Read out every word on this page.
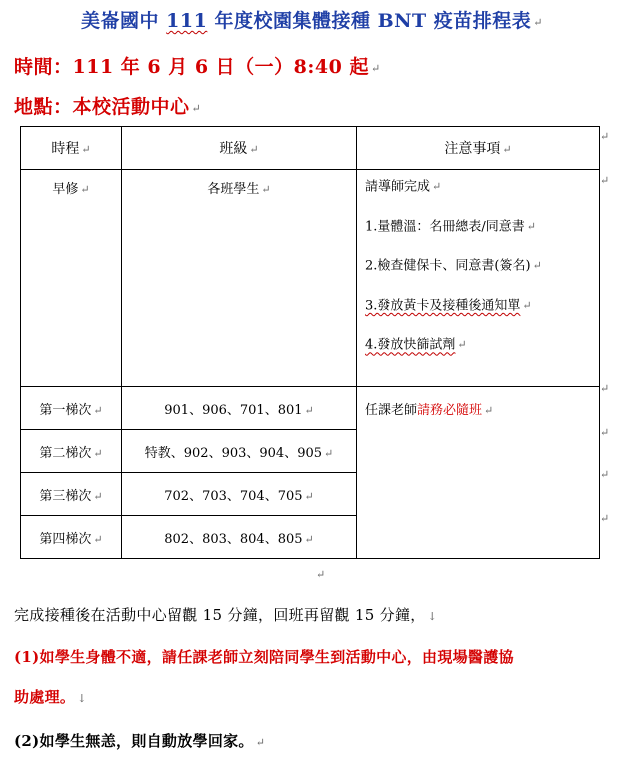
美崙國中 111 年度校園集體接種 BNT 疫苗排程表 ↵
時間：111 年 6 月 6 日（一）8:40 起 ↵
地點：本校活動中心 ↵
時程 ↵	班級 ↵	注意事項 ↵
早修 ↵	各班學生 ↵	請導師完成 ↵
1.量體溫：名冊總表/同意書 ↵
2.檢查健保卡、同意書(簽名) ↵
3.發放黃卡及接種後通知單 ↵
4.發放快篩試劑 ↵

第一梯次 ↵	901、906、701、801 ↵	任課老師請務必隨班 ↵
第二梯次 ↵	特教、902、903、904、905 ↵	
第三梯次 ↵	702、703、704、705 ↵	
第四梯次 ↵	802、803、804、805 ↵	
↵
↵
↵
↵
↵
↵
↵
完成接種後在活動中心留觀 15 分鐘，回班再留觀 15 分鐘， ↓
(1)如學生身體不適，請任課老師立刻陪同學生到活動中心，由現場醫護協
助處理。 ↓
(2)如學生無恙，則自動放學回家。 ↵
